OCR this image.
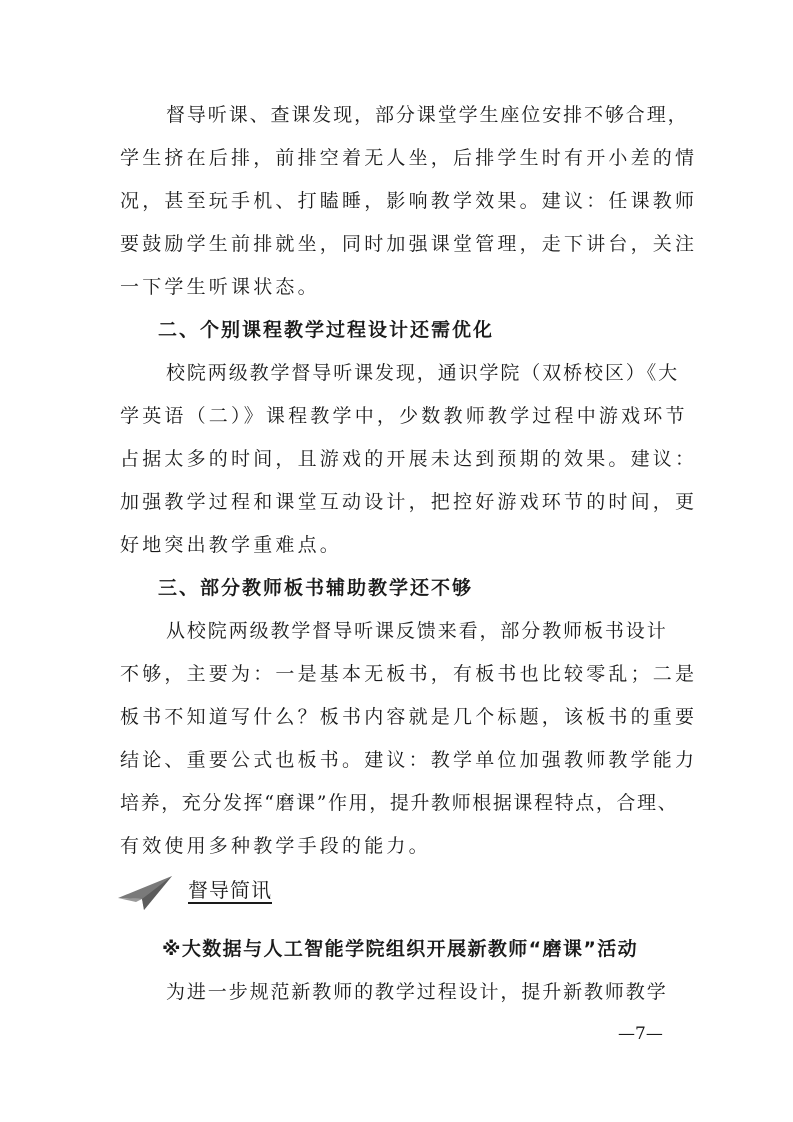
督导听课、查课发现，部分课堂学生座位安排不够合理，
学生挤在后排，前排空着无人坐，后排学生时有开小差的情
况，甚至玩手机、打瞌睡，影响教学效果。建议：任课教师
要鼓励学生前排就坐，同时加强课堂管理，走下讲台，关注
一下学生听课状态。
二、个别课程教学过程设计还需优化
校院两级教学督导听课发现，通识学院（双桥校区）《大
学英语（二）》课程教学中，少数教师教学过程中游戏环节
占据太多的时间，且游戏的开展未达到预期的效果。建议：
加强教学过程和课堂互动设计，把控好游戏环节的时间，更
好地突出教学重难点。
三、部分教师板书辅助教学还不够
从校院两级教学督导听课反馈来看，部分教师板书设计
不够，主要为：一是基本无板书，有板书也比较零乱；二是
板书不知道写什么？板书内容就是几个标题，该板书的重要
结论、重要公式也板书。建议：教学单位加强教师教学能力
培养，充分发挥“磨课”作用，提升教师根据课程特点，合理、
有效使用多种教学手段的能力。
督导简讯
※大数据与人工智能学院组织开展新教师“磨课”活动
为进一步规范新教师的教学过程设计，提升新教师教学
—7—
